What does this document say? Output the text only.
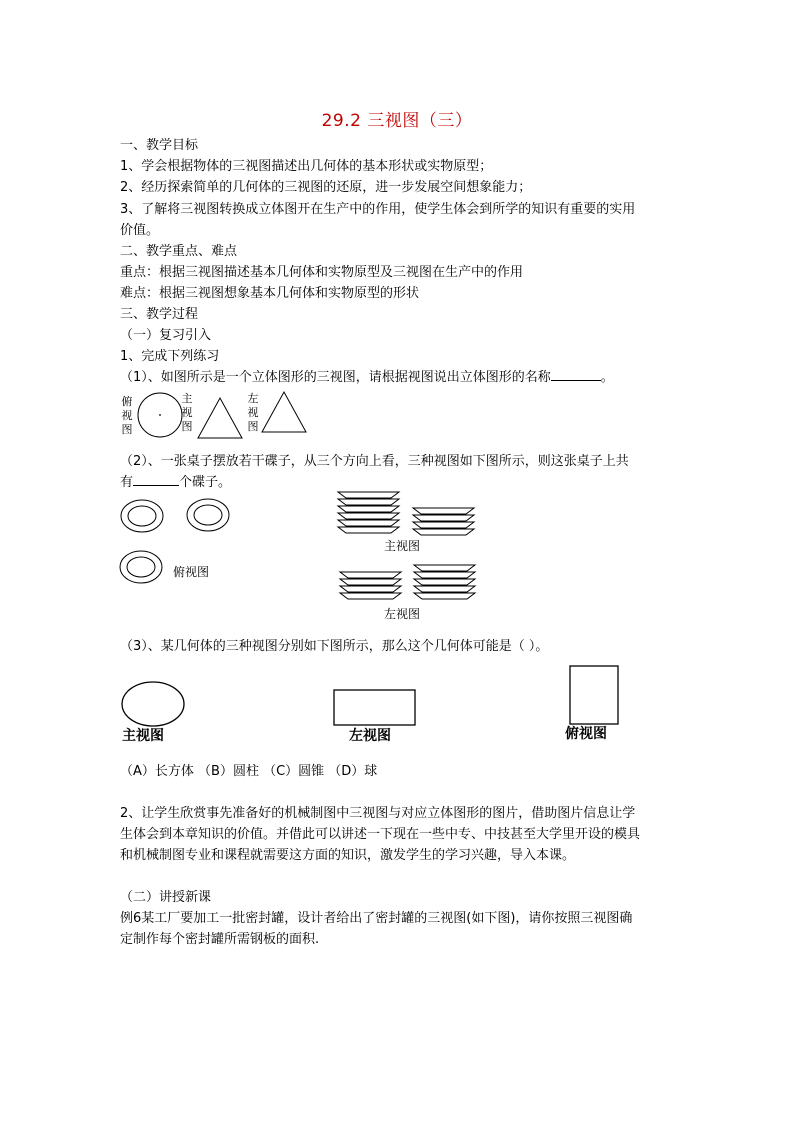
29.2 三视图（三）
一、教学目标
1、学会根据物体的三视图描述出几何体的基本形状或实物原型；
2、经历探索简单的几何体的三视图的还原，进一步发展空间想象能力；
3、了解将三视图转换成立体图开在生产中的作用，使学生体会到所学的知识有重要的实用
价值。
二、教学重点、难点
重点：根据三视图描述基本几何体和实物原型及三视图在生产中的作用
难点：根据三视图想象基本几何体和实物原型的形状
三、教学过程
（一）复习引入
1、完成下列练习
（1）、如图所示是一个立体图形的三视图，请根据视图说出立体图形的名称	。
俯
视
图
主
视
图
左
视
图
（2）、一张桌子摆放若干碟子，从三个方向上看，三种视图如下图所示，则这张桌子上共
有	个碟子。
俯视图
主视图
左视图
（3）、某几何体的三种视图分别如下图所示，那么这个几何体可能是（ ）。
主视图	左视图	俯视图
（A）长方体 （B）圆柱 （C）圆锥 （D）球
2、让学生欣赏事先准备好的机械制图中三视图与对应立体图形的图片，借助图片信息让学
生体会到本章知识的价值。并借此可以讲述一下现在一些中专、中技甚至大学里开设的模具
和机械制图专业和课程就需要这方面的知识，激发学生的学习兴趣，导入本课。
（二）讲授新课
例6某工厂要加工一批密封罐，设计者给出了密封罐的三视图(如下图)，请你按照三视图确
定制作每个密封罐所需钢板的面积.
